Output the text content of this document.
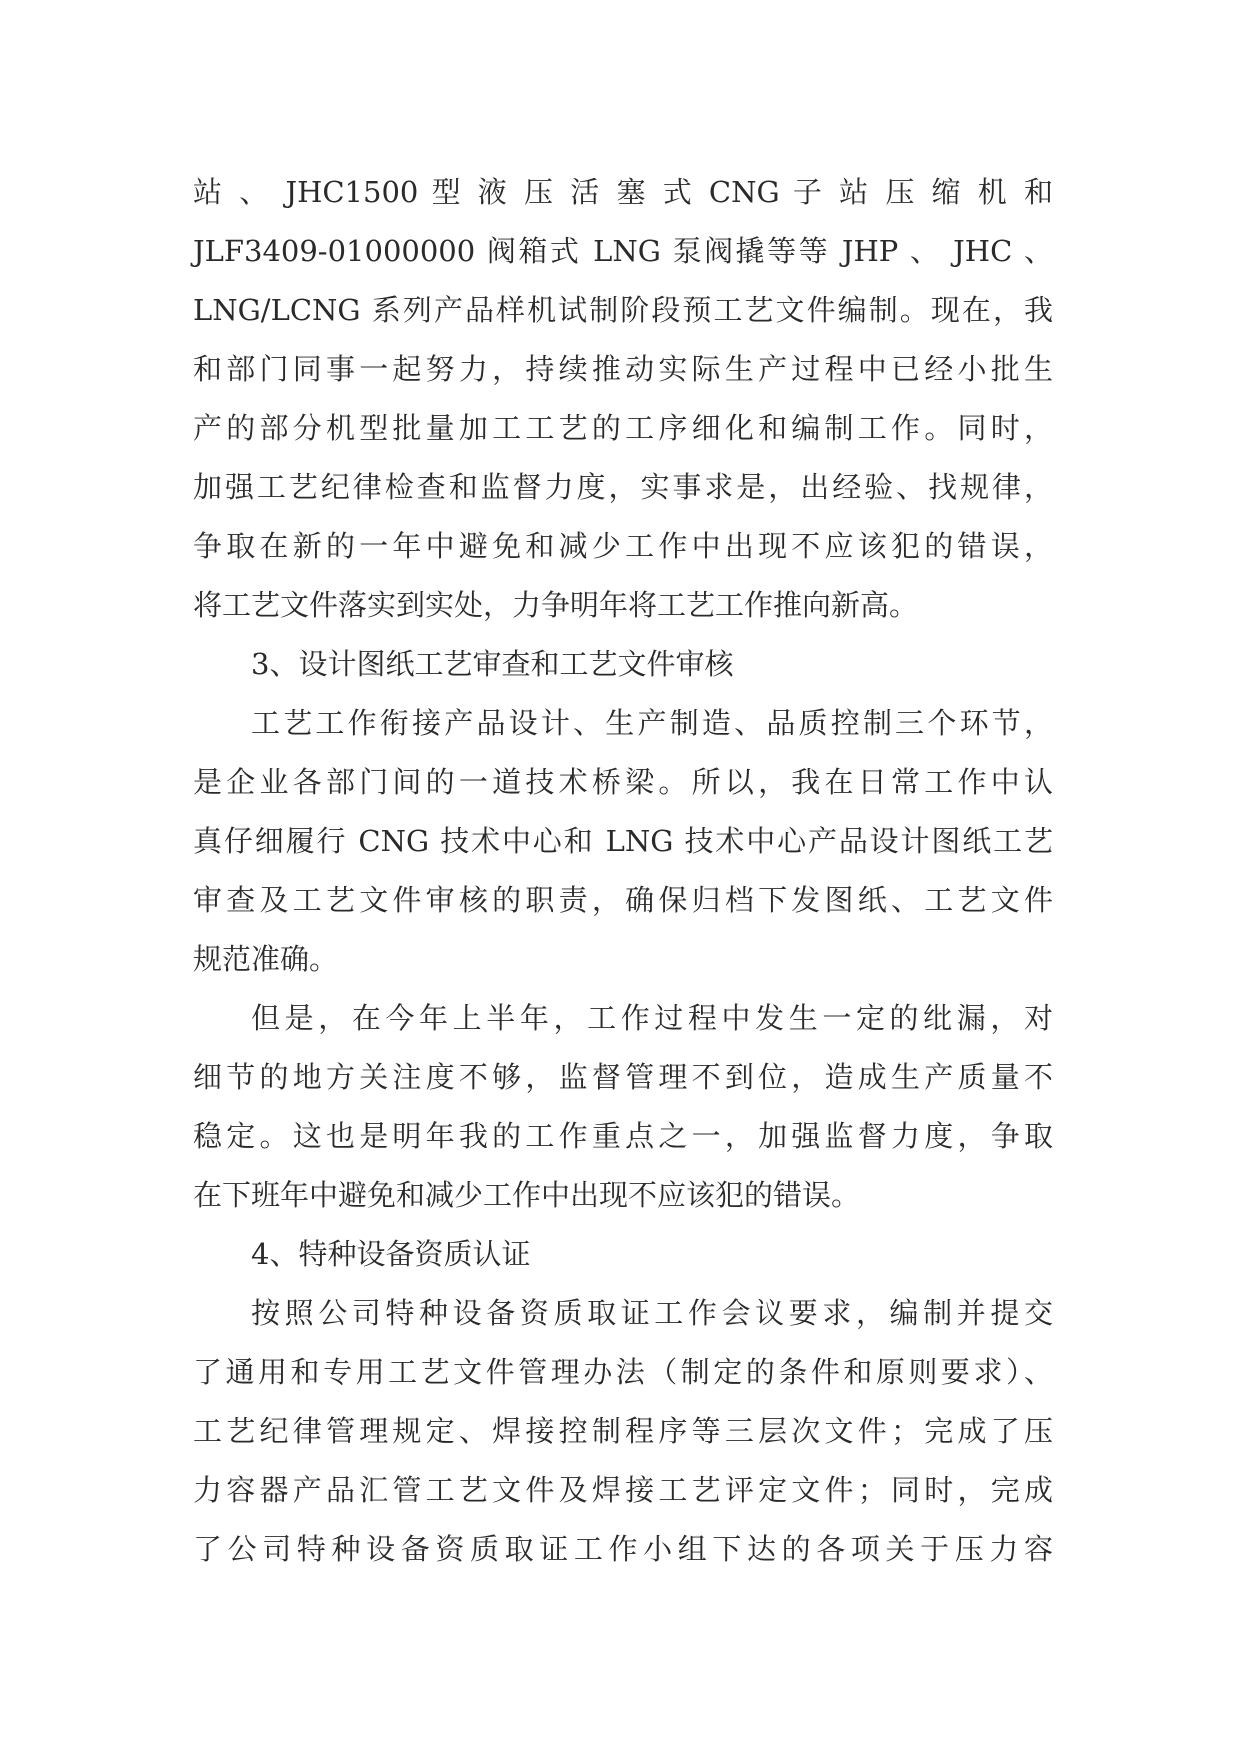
站 、 JHC1500 型 液 压 活 塞 式 CNG 子 站 压 缩 机 和
JLF3409-01000000 阀箱式 LNG 泵阀撬等等 JHP 、 JHC 、
LNG/LCNG 系列产品样机试制阶段预工艺文件编制。现在，我
和部门同事一起努力，持续推动实际生产过程中已经小批生
产的部分机型批量加工工艺的工序细化和编制工作。同时，
加强工艺纪律检查和监督力度，实事求是，出经验、找规律，
争取在新的一年中避免和减少工作中出现不应该犯的错误，
将工艺文件落实到实处，力争明年将工艺工作推向新高。
3、设计图纸工艺审查和工艺文件审核
工艺工作衔接产品设计、生产制造、品质控制三个环节，
是企业各部门间的一道技术桥梁。所以，我在日常工作中认
真仔细履行 CNG 技术中心和 LNG 技术中心产品设计图纸工艺
审查及工艺文件审核的职责，确保归档下发图纸、工艺文件
规范准确。
但是，在今年上半年，工作过程中发生一定的纰漏，对
细节的地方关注度不够，监督管理不到位，造成生产质量不
稳定。这也是明年我的工作重点之一，加强监督力度，争取
在下班年中避免和减少工作中出现不应该犯的错误。
4、特种设备资质认证
按照公司特种设备资质取证工作会议要求，编制并提交
了通用和专用工艺文件管理办法（制定的条件和原则要求）、
工艺纪律管理规定、焊接控制程序等三层次文件；完成了压
力容器产品汇管工艺文件及焊接工艺评定文件；同时，完成
了公司特种设备资质取证工作小组下达的各项关于压力容
